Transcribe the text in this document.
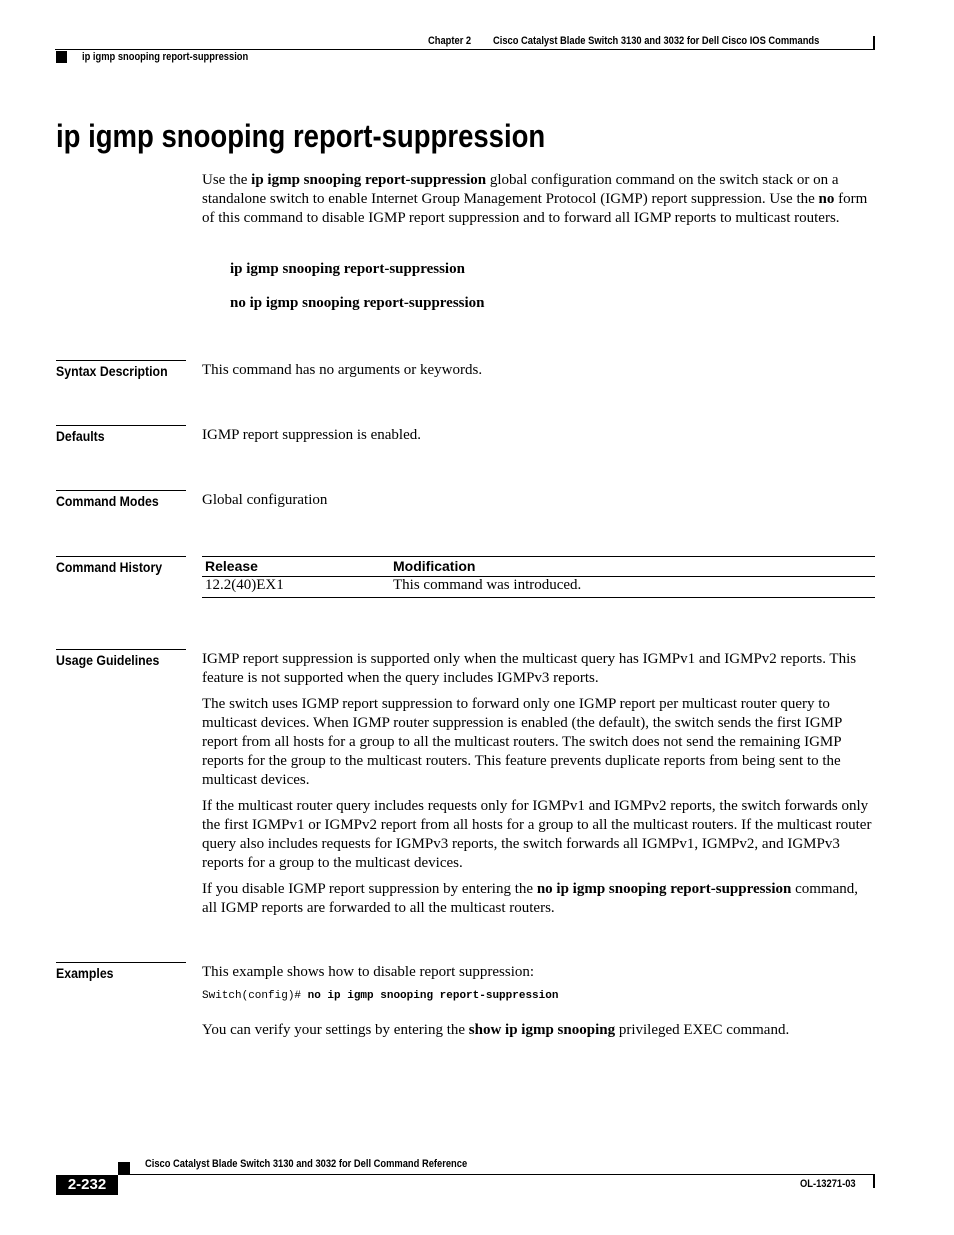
Chapter 2 Cisco Catalyst Blade Switch 3130 and 3032 for Dell Cisco IOS Commands
ip igmp snooping report-suppression
ip igmp snooping report-suppression
Use the ip igmp snooping report-suppression global configuration command on the switch stack or on a standalone switch to enable Internet Group Management Protocol (IGMP) report suppression. Use the no form of this command to disable IGMP report suppression and to forward all IGMP reports to multicast routers.
ip igmp snooping report-suppression
no ip igmp snooping report-suppression
Syntax Description	This command has no arguments or keywords.
Defaults	IGMP report suppression is enabled.
Command Modes	Global configuration
Command History	Release	Modification
12.2(40)EX1	This command was introduced.
Usage Guidelines	IGMP report suppression is supported only when the multicast query has IGMPv1 and IGMPv2 reports. This feature is not supported when the query includes IGMPv3 reports.

The switch uses IGMP report suppression to forward only one IGMP report per multicast router query to multicast devices. When IGMP router suppression is enabled (the default), the switch sends the first IGMP report from all hosts for a group to all the multicast routers. The switch does not send the remaining IGMP reports for the group to the multicast routers. This feature prevents duplicate reports from being sent to the multicast devices.

If the multicast router query includes requests only for IGMPv1 and IGMPv2 reports, the switch forwards only the first IGMPv1 or IGMPv2 report from all hosts for a group to all the multicast routers. If the multicast router query also includes requests for IGMPv3 reports, the switch forwards all IGMPv1, IGMPv2, and IGMPv3 reports for a group to the multicast devices.

If you disable IGMP report suppression by entering the no ip igmp snooping report-suppression command, all IGMP reports are forwarded to all the multicast routers.

Examples	This example shows how to disable report suppression:
Switch(config)# no ip igmp snooping report-suppression
You can verify your settings by entering the show ip igmp snooping privileged EXEC command.
Cisco Catalyst Blade Switch 3130 and 3032 for Dell Command Reference
2-232	OL-13271-03
